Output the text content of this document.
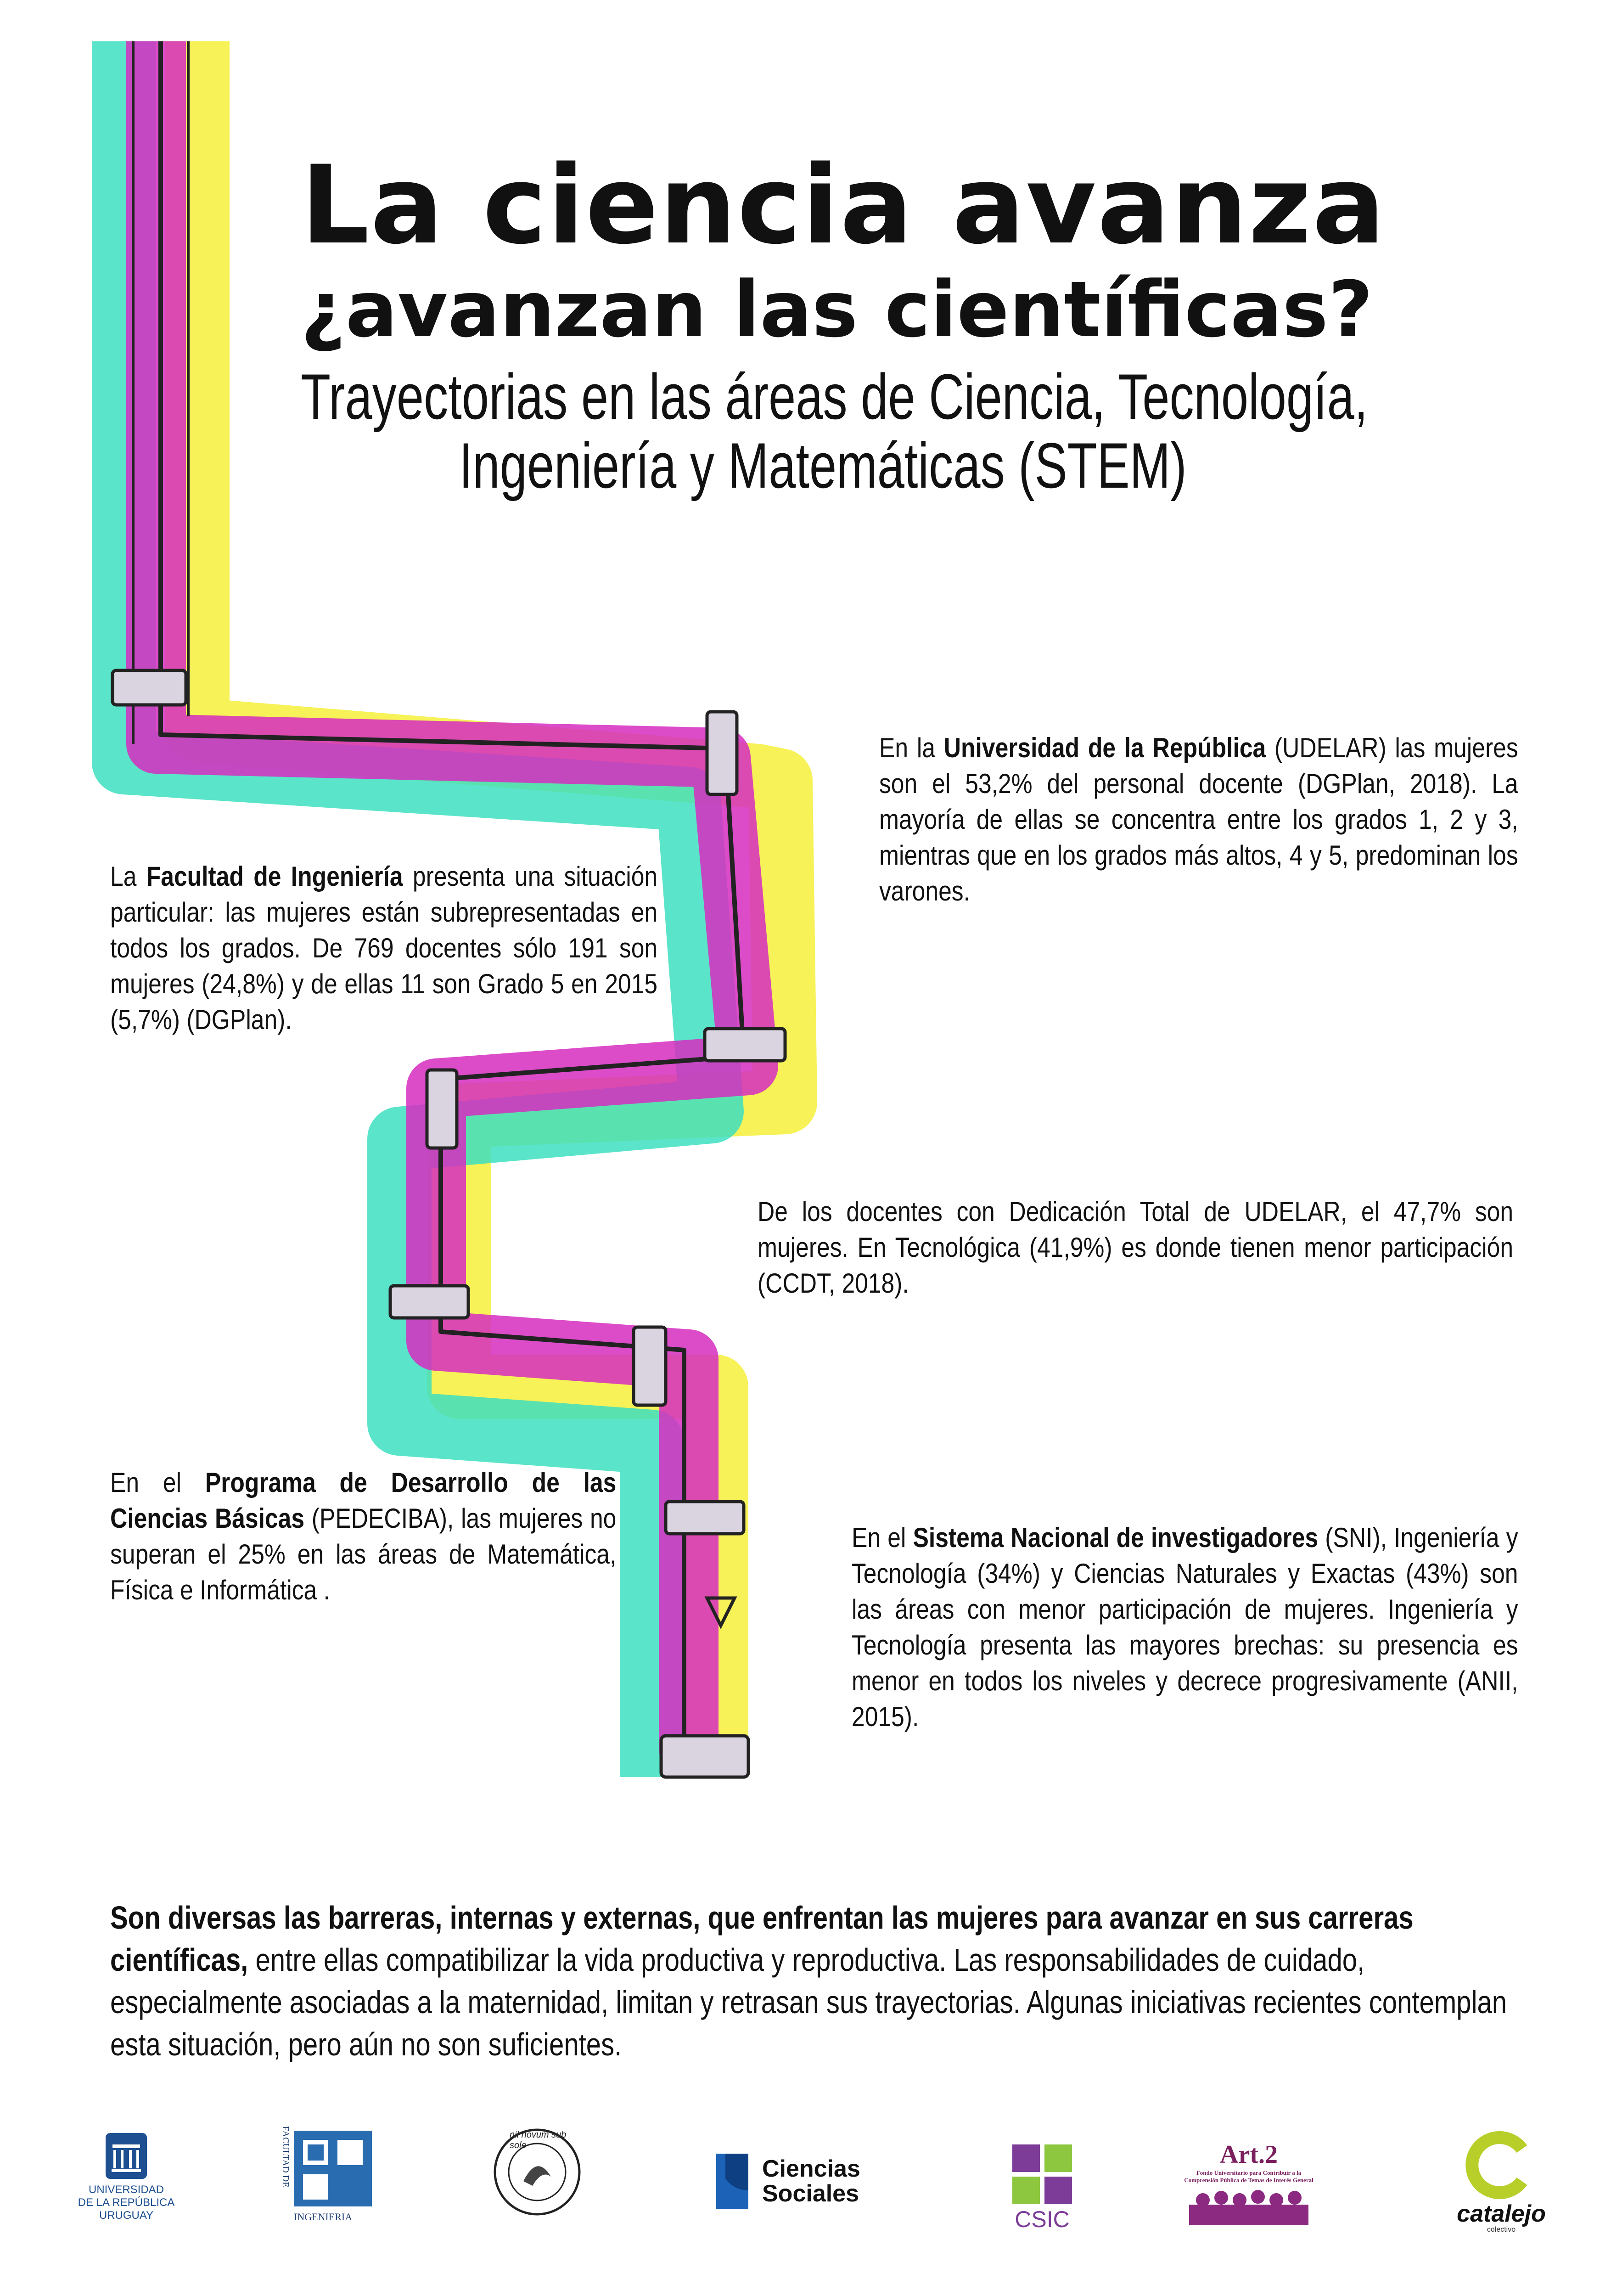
La ciencia avanza
¿avanzan las científicas?
Trayectorias en las áreas de Ciencia, Tecnología,
Ingeniería y Matemáticas (STEM)
En la Universidad de la República (UDELAR) las mujeres son el 53,2% del personal docente (DGPlan, 2018). La mayoría de ellas se concentra entre los grados 1, 2 y 3, mientras que en los grados más altos, 4 y 5, predominan los varones.
La Facultad de Ingeniería presenta una situación particular: las mujeres están subrepresentadas en todos los grados. De 769 docentes sólo 191 son mujeres (24,8%) y de ellas 11 son Grado 5 en 2015 (5,7%) (DGPlan).
De los docentes con Dedicación Total de UDELAR, el 47,7% son mujeres. En Tecnológica (41,9%) es donde tienen menor participación (CCDT, 2018).
En el Programa de Desarrollo de las Ciencias Básicas (PEDECIBA), las mujeres no superan el 25% en las áreas de Matemática, Física e Informática .
En el Sistema Nacional de investigadores (SNI), Ingeniería y Tecnología (34%) y Ciencias Naturales y Exactas (43%) son las áreas con menor participación de mujeres. Ingeniería y Tecnología presenta las mayores brechas: su presencia es menor en todos los niveles y decrece progresivamente (ANII, 2015).
Son diversas las barreras, internas y externas, que enfrentan las mujeres para avanzar en sus carreras científicas, entre ellas compatibilizar la vida productiva y reproductiva. Las responsabilidades de cuidado, especialmente asociadas a la maternidad, limitan y retrasan sus trayectorias. Algunas iniciativas recientes contemplan esta situación, pero aún no son suficientes.
UNIVERSIDAD
DE LA REPÚBLICA
URUGUAY
FACULTAD DE
INGENIERIA
nil novum sub sole
Ciencias
Sociales
CSIC
Art.2
Fondo Universitario para Contribuir a la
Comprensión Pública de Temas de Interés General
catalejo
colectivo
